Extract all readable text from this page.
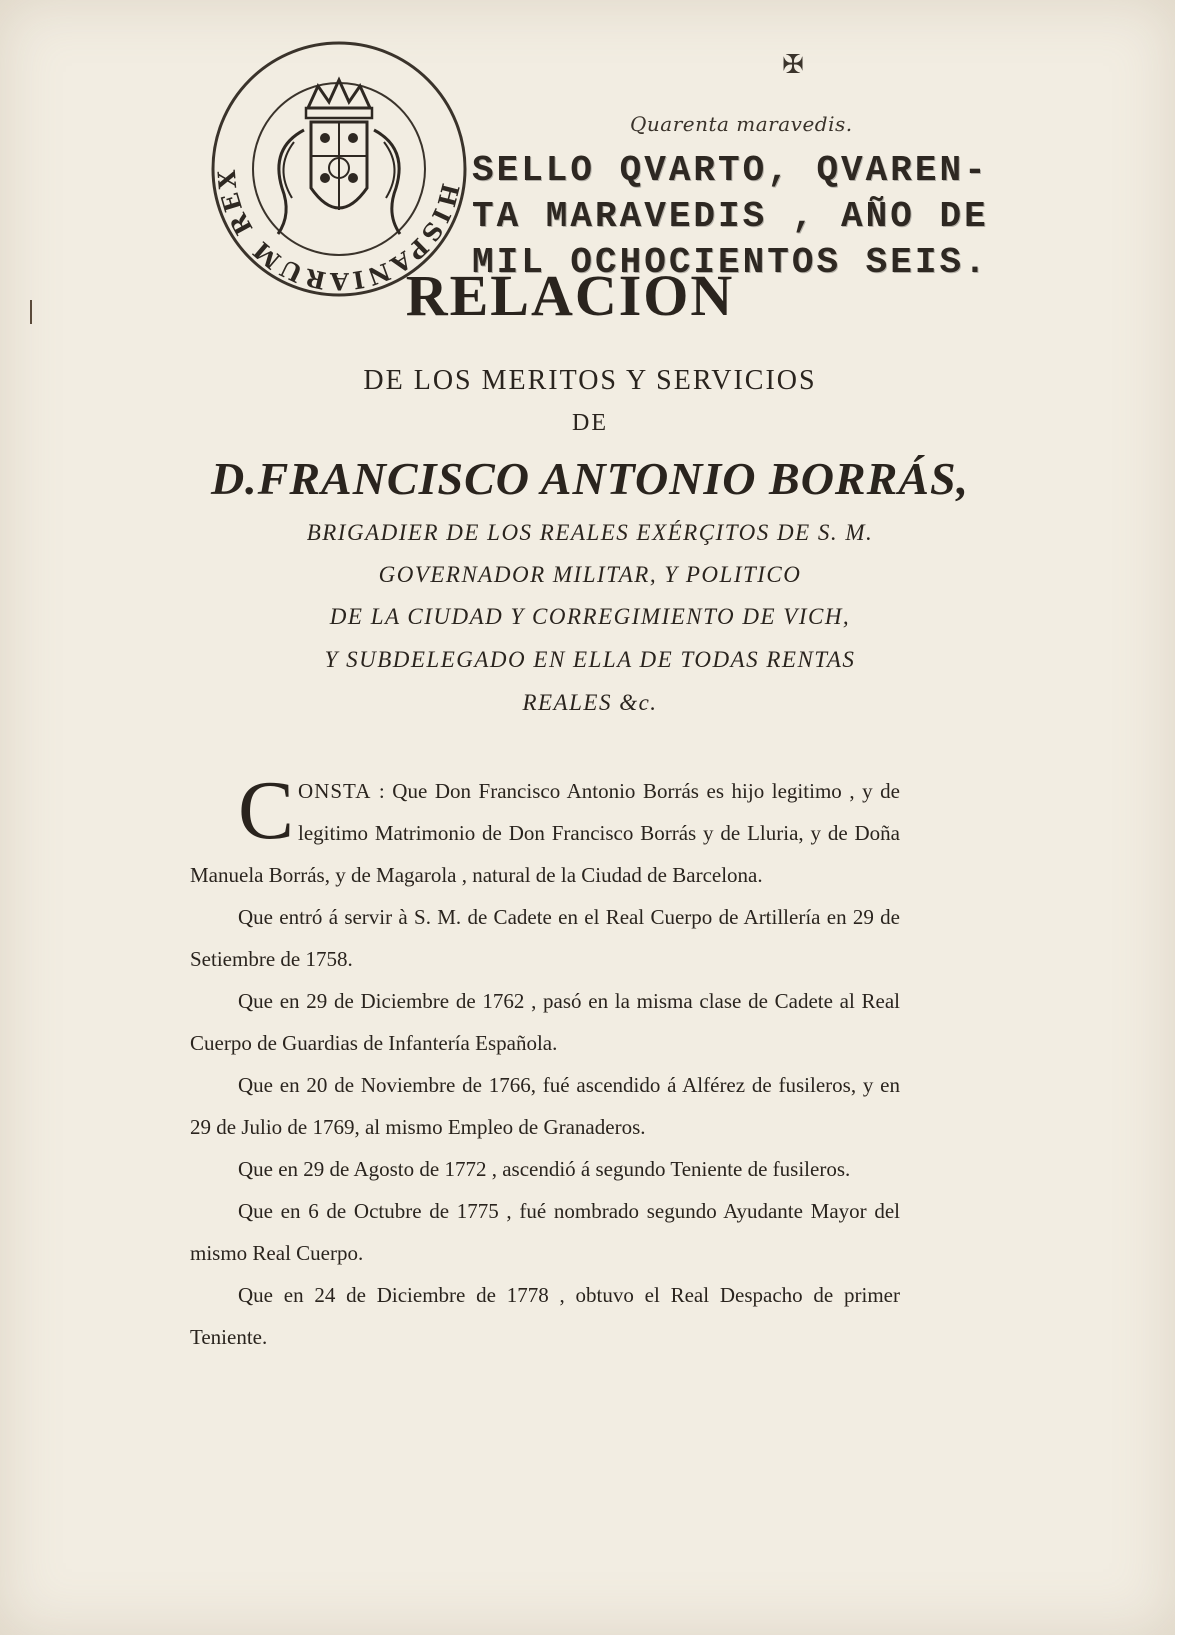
HISPANIARUM REX
✠
Quarenta maravedis.
SELLO QVARTO, QVAREN-
TA MARAVEDIS , AÑO DE
MIL OCHOCIENTOS SEIS.
RELACION
DE LOS MERITOS Y SERVICIOS
DE
D.FRANCISCO ANTONIO BORRÁS,
BRIGADIER DE LOS REALES EXÉRÇITOS DE S. M.
GOVERNADOR MILITAR, Y POLITICO
DE LA CIUDAD Y CORREGIMIENTO DE VICH,
Y SUBDELEGADO EN ELLA DE TODAS RENTAS
REALES &c.

CONSTA : Que Don Francisco Antonio Borrás es hijo legitimo , y de legitimo Matrimonio de Don Francisco Borrás y de Lluria, y de Doña Manuela Borrás, y de Magarola , natural de la Ciudad de Barcelona.

Que entró á servir à S. M. de Cadete en el Real Cuerpo de Artillería en 29 de Setiembre de 1758.

Que en 29 de Diciembre de 1762 , pasó en la misma clase de Cadete al Real Cuerpo de Guardias de Infantería Española.

Que en 20 de Noviembre de 1766, fué ascendido á Alférez de fusileros, y en 29 de Julio de 1769, al mismo Empleo de Granaderos.

Que en 29 de Agosto de 1772 , ascendió á segundo Teniente de fusileros.

Que en 6 de Octubre de 1775 , fué nombrado segundo Ayudante Mayor del mismo Real Cuerpo.

Que en 24 de Diciembre de 1778 , obtuvo el Real Despacho de primer Teniente.
